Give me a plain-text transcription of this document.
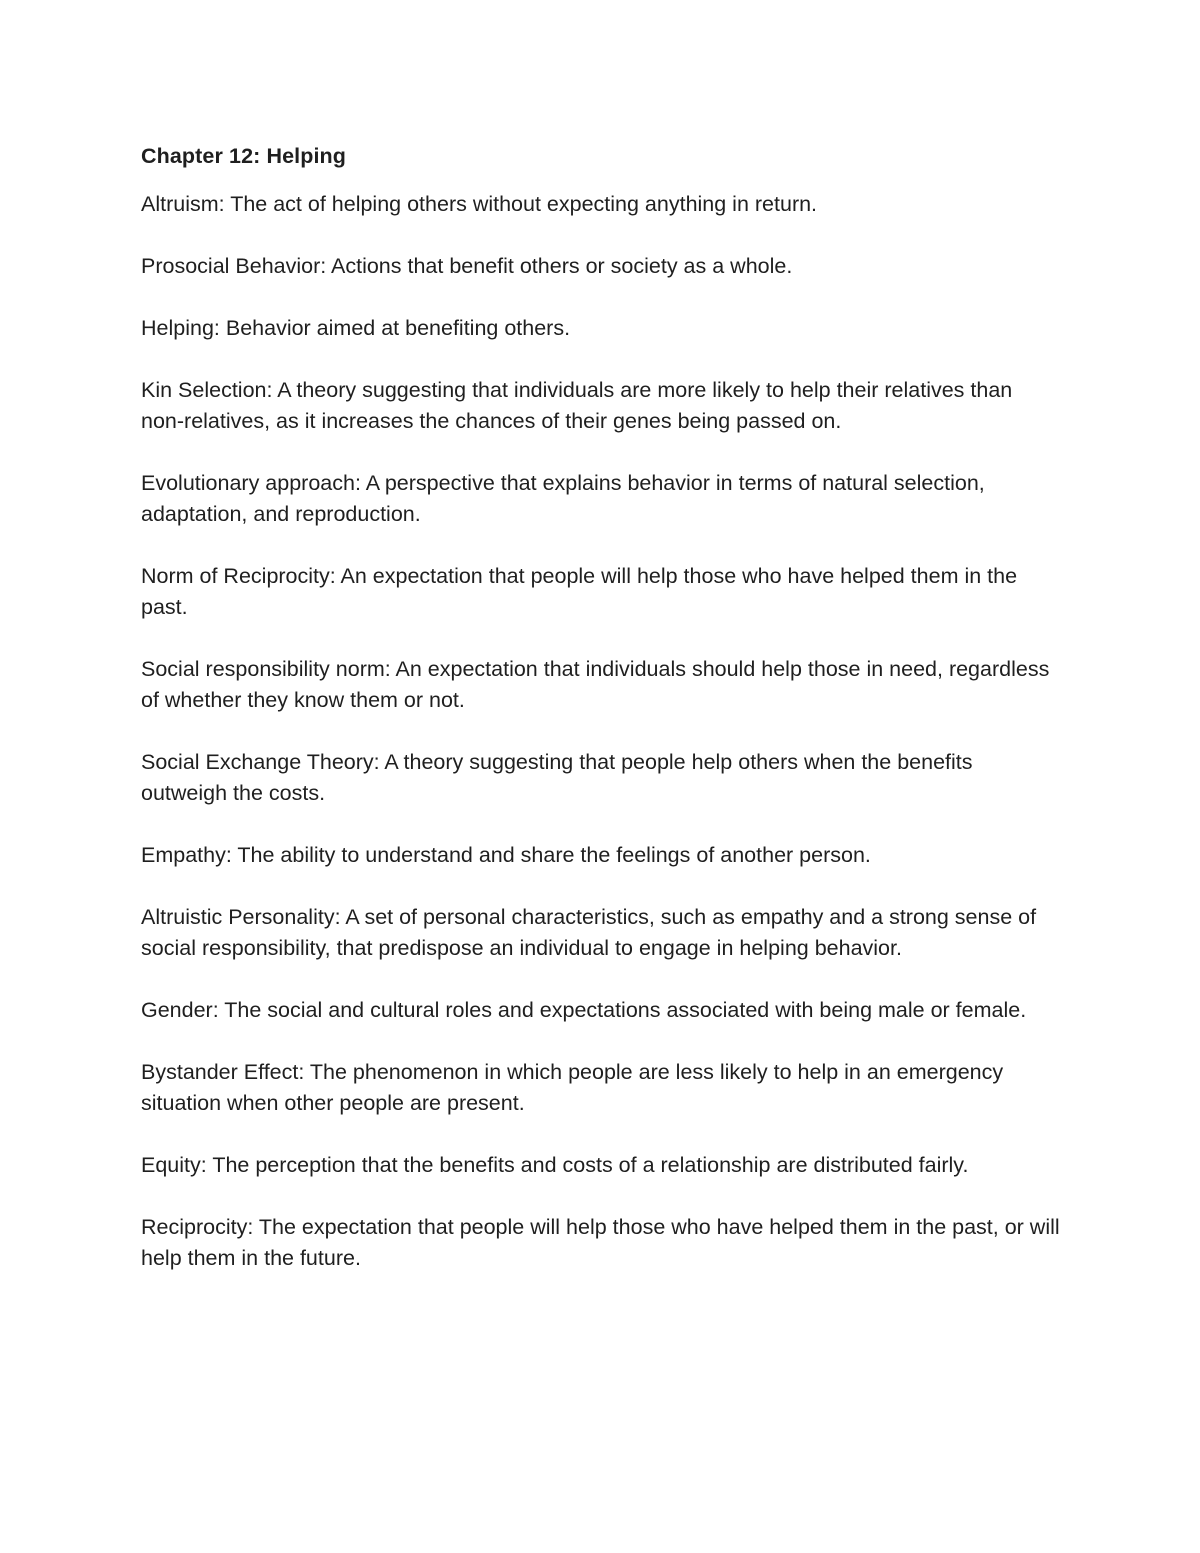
Chapter 12: Helping

Altruism: The act of helping others without expecting anything in return.

Prosocial Behavior: Actions that benefit others or society as a whole.

Helping: Behavior aimed at benefiting others.

Kin Selection: A theory suggesting that individuals are more likely to help their relatives than non-relatives, as it increases the chances of their genes being passed on.

Evolutionary approach: A perspective that explains behavior in terms of natural selection, adaptation, and reproduction.

Norm of Reciprocity: An expectation that people will help those who have helped them in the past.

Social responsibility norm: An expectation that individuals should help those in need, regardless of whether they know them or not.

Social Exchange Theory: A theory suggesting that people help others when the benefits outweigh the costs.

Empathy: The ability to understand and share the feelings of another person.

Altruistic Personality: A set of personal characteristics, such as empathy and a strong sense of social responsibility, that predispose an individual to engage in helping behavior.

Gender: The social and cultural roles and expectations associated with being male or female.

Bystander Effect: The phenomenon in which people are less likely to help in an emergency situation when other people are present.

Equity: The perception that the benefits and costs of a relationship are distributed fairly.

Reciprocity: The expectation that people will help those who have helped them in the past, or will help them in the future.
